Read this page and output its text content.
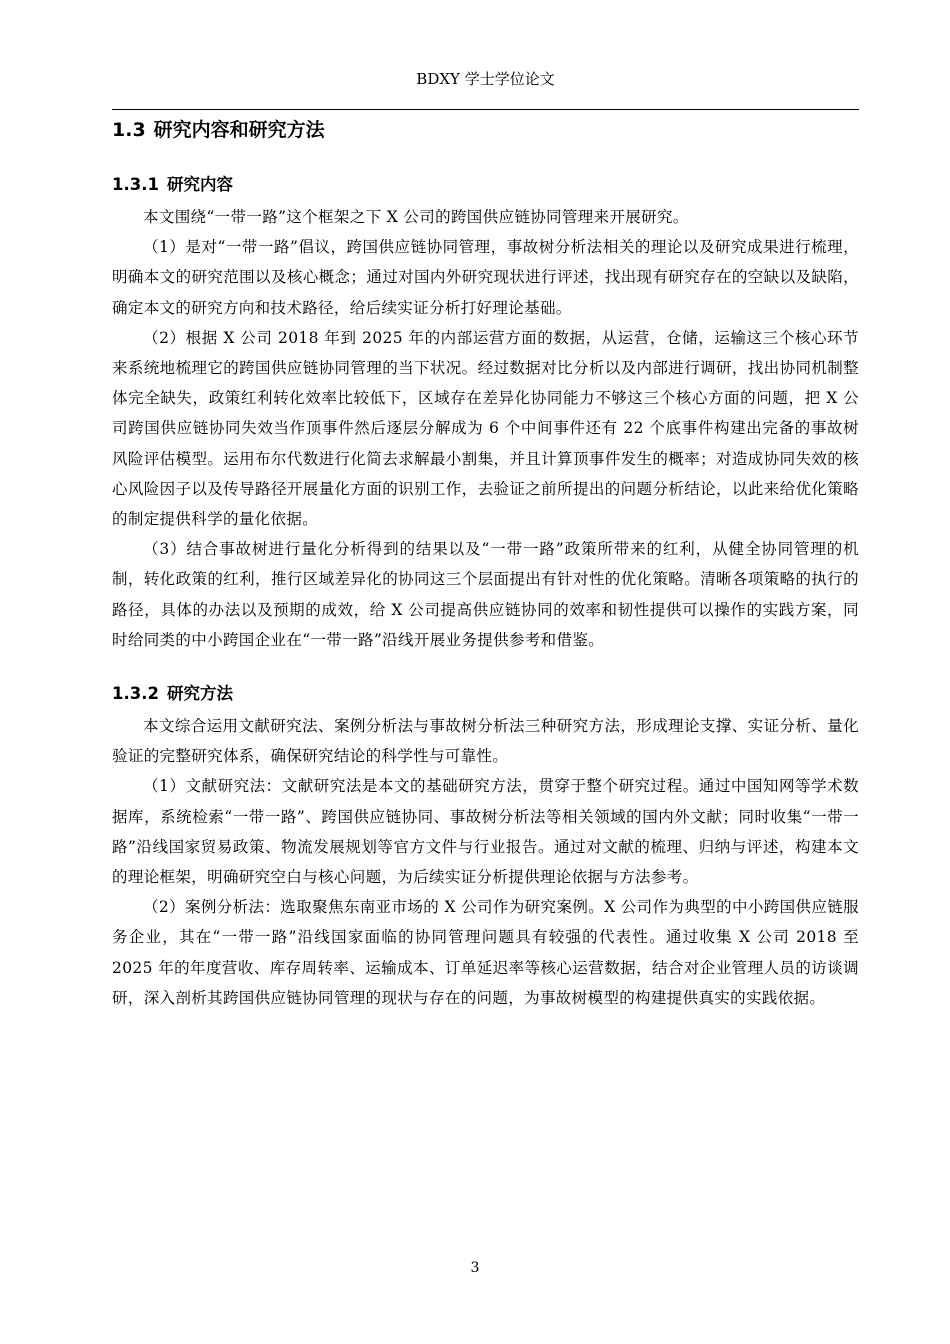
BDXY 学士学位论文
1.3 研究内容和研究方法
1.3.1 研究内容

本文围绕“一带一路”这个框架之下 X 公司的跨国供应链协同管理来开展研究。

（1）是对“一带一路”倡议，跨国供应链协同管理，事故树分析法相关的理论以及研究成果进行梳理，明确本文的研究范围以及核心概念；通过对国内外研究现状进行评述，找出现有研究存在的空缺以及缺陷，确定本文的研究方向和技术路径，给后续实证分析打好理论基础。

（2）根据 X 公司 2018 年到 2025 年的内部运营方面的数据，从运营，仓储，运输这三个核心环节来系统地梳理它的跨国供应链协同管理的当下状况。经过数据对比分析以及内部进行调研，找出协同机制整体完全缺失，政策红利转化效率比较低下，区域存在差异化协同能力不够这三个核心方面的问题，把 X 公司跨国供应链协同失效当作顶事件然后逐层分解成为 6 个中间事件还有 22 个底事件构建出完备的事故树风险评估模型。运用布尔代数进行化简去求解最小割集，并且计算顶事件发生的概率；对造成协同失效的核心风险因子以及传导路径开展量化方面的识别工作，去验证之前所提出的问题分析结论，以此来给优化策略的制定提供科学的量化依据。

（3）结合事故树进行量化分析得到的结果以及“一带一路”政策所带来的红利，从健全协同管理的机制，转化政策的红利，推行区域差异化的协同这三个层面提出有针对性的优化策略。清晰各项策略的执行的路径，具体的办法以及预期的成效，给 X 公司提高供应链协同的效率和韧性提供可以操作的实践方案，同时给同类的中小跨国企业在“一带一路”沿线开展业务提供参考和借鉴。

1.3.2 研究方法

本文综合运用文献研究法、案例分析法与事故树分析法三种研究方法，形成理论支撑、实证分析、量化验证的完整研究体系，确保研究结论的科学性与可靠性。

（1）文献研究法：文献研究法是本文的基础研究方法，贯穿于整个研究过程。通过中国知网等学术数据库，系统检索“一带一路”、跨国供应链协同、事故树分析法等相关领域的国内外文献；同时收集“一带一路”沿线国家贸易政策、物流发展规划等官方文件与行业报告。通过对文献的梳理、归纳与评述，构建本文的理论框架，明确研究空白与核心问题，为后续实证分析提供理论依据与方法参考。

（2）案例分析法：选取聚焦东南亚市场的 X 公司作为研究案例。X 公司作为典型的中小跨国供应链服务企业，其在“一带一路”沿线国家面临的协同管理问题具有较强的代表性。通过收集 X 公司 2018 至 2025 年的年度营收、库存周转率、运输成本、订单延迟率等核心运营数据，结合对企业管理人员的访谈调研，深入剖析其跨国供应链协同管理的现状与存在的问题，为事故树模型的构建提供真实的实践依据。

3
